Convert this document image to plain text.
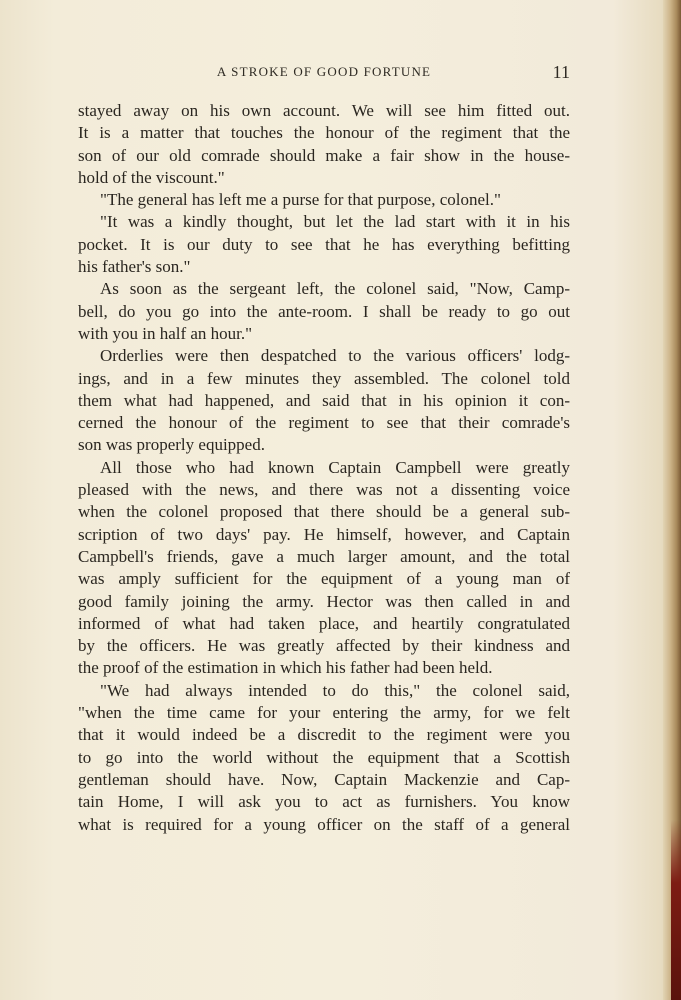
A STROKE OF GOOD FORTUNE	11
stayed away on his own account. We will see him fitted out.
It is a matter that touches the honour of the regiment that the
son of our old comrade should make a fair show in the house-
hold of the viscount."
"The general has left me a purse for that purpose, colonel."
"It was a kindly thought, but let the lad start with it in his
pocket. It is our duty to see that he has everything befitting
his father's son."
As soon as the sergeant left, the colonel said, "Now, Camp-
bell, do you go into the ante-room. I shall be ready to go out
with you in half an hour."
Orderlies were then despatched to the various officers' lodg-
ings, and in a few minutes they assembled. The colonel told
them what had happened, and said that in his opinion it con-
cerned the honour of the regiment to see that their comrade's
son was properly equipped.
All those who had known Captain Campbell were greatly
pleased with the news, and there was not a dissenting voice
when the colonel proposed that there should be a general sub-
scription of two days' pay. He himself, however, and Captain
Campbell's friends, gave a much larger amount, and the total
was amply sufficient for the equipment of a young man of
good family joining the army. Hector was then called in and
informed of what had taken place, and heartily congratulated
by the officers. He was greatly affected by their kindness and
the proof of the estimation in which his father had been held.
"We had always intended to do this," the colonel said,
"when the time came for your entering the army, for we felt
that it would indeed be a discredit to the regiment were you
to go into the world without the equipment that a Scottish
gentleman should have. Now, Captain Mackenzie and Cap-
tain Home, I will ask you to act as furnishers. You know
what is required for a young officer on the staff of a general
